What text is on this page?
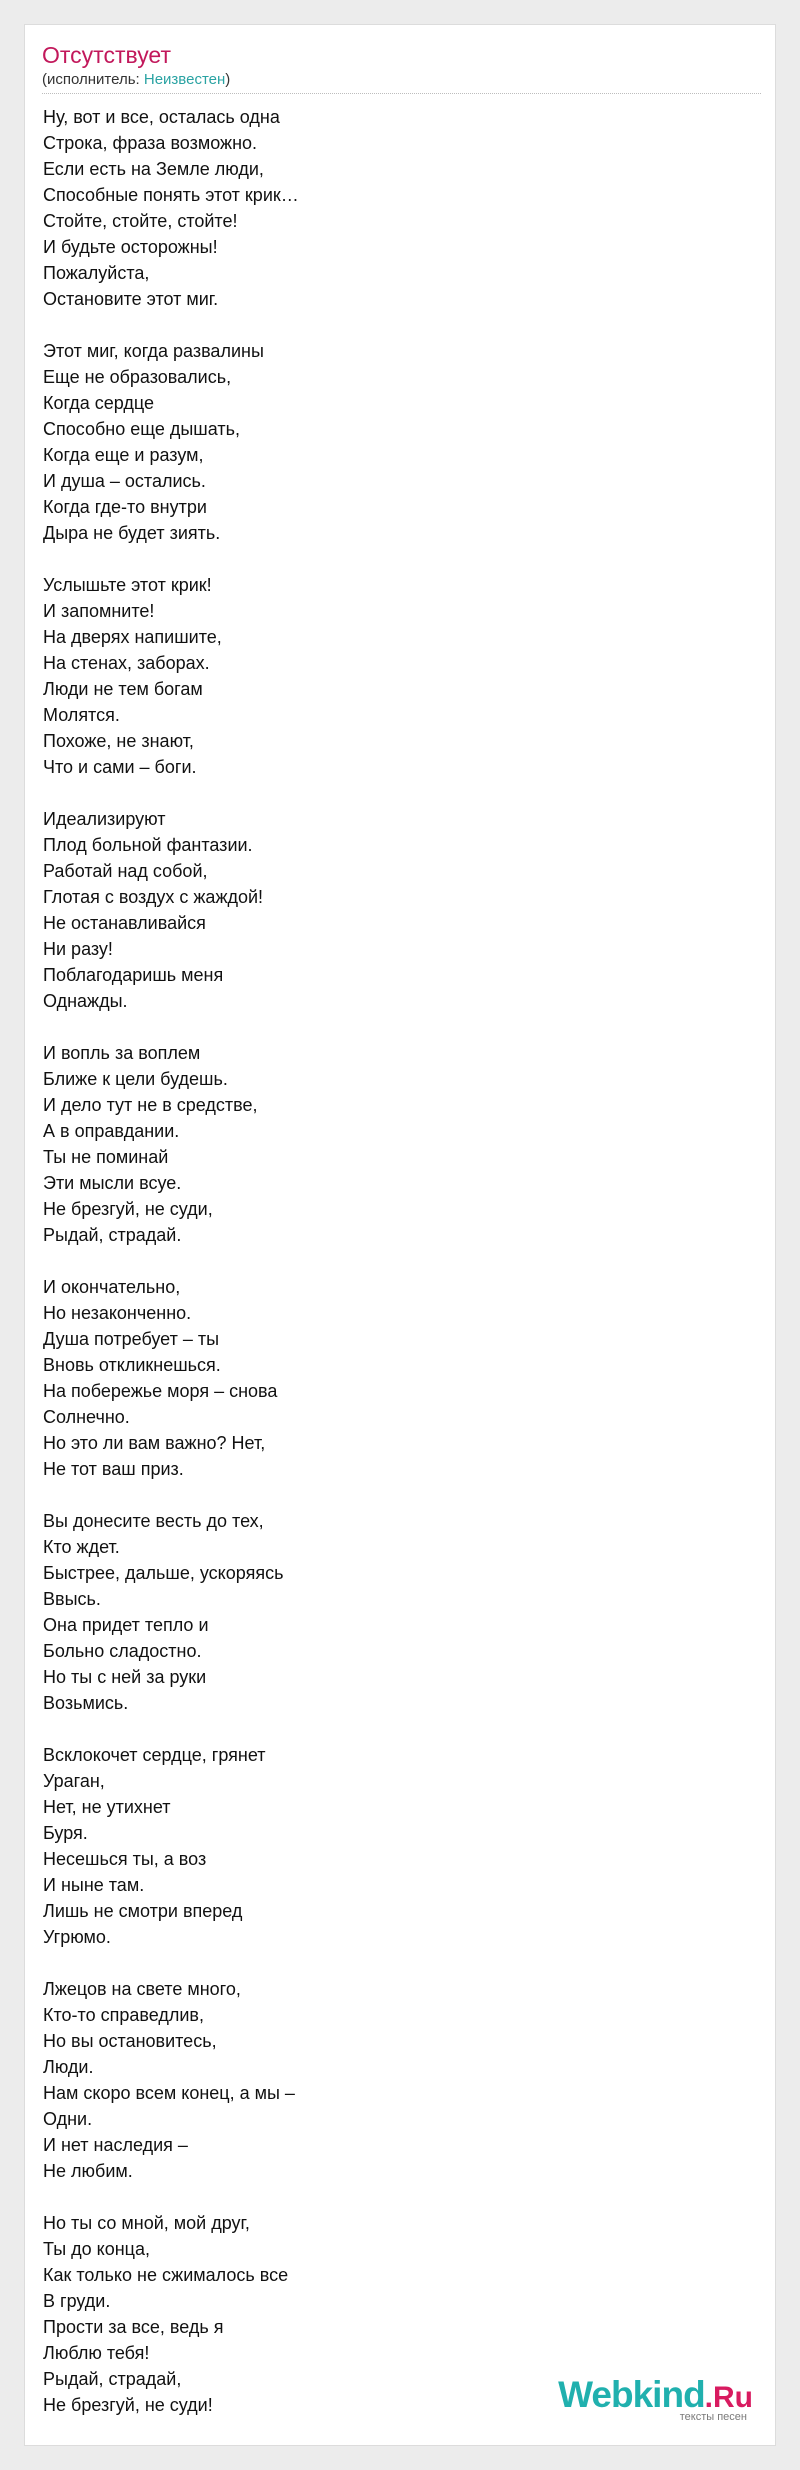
Отсутствует
(исполнитель: Неизвестен)
Ну, вот и все, осталась одна
Строка, фраза возможно.
Если есть на Земле люди,
Способные понять этот крик…
Стойте, стойте, стойте!
И будьте осторожны!
Пожалуйста,
Остановите этот миг.
Этот миг, когда развалины
Еще не образовались,
Когда сердце
Способно еще дышать,
Когда еще и разум,
И душа – остались.
Когда где-то внутри
Дыра не будет зиять.
Услышьте этот крик!
И запомните!
На дверях напишите,
На стенах, заборах.
Люди не тем богам
Молятся.
Похоже, не знают,
Что и сами – боги.
Идеализируют
Плод больной фантазии.
Работай над собой,
Глотая с воздух с жаждой!
Не останавливайся
Ни разу!
Поблагодаришь меня
Однажды.
И вопль за воплем
Ближе к цели будешь.
И дело тут не в средстве,
А в оправдании.
Ты не поминай
Эти мысли всуе.
Не брезгуй, не суди,
Рыдай, страдай.
И окончательно,
Но незаконченно.
Душа потребует – ты
Вновь откликнешься.
На побережье моря – снова
Солнечно.
Но это ли вам важно? Нет,
Не тот ваш приз.
Вы донесите весть до тех,
Кто ждет.
Быстрее, дальше, ускоряясь
Ввысь.
Она придет тепло и
Больно сладостно.
Но ты с ней за руки
Возьмись.
Всклокочет сердце, грянет
Ураган,
Нет, не утихнет
Буря.
Несешься ты, а воз
И ныне там.
Лишь не смотри вперед
Угрюмо.
Лжецов на свете много,
Кто-то справедлив,
Но вы остановитесь,
Люди.
Нам скоро всем конец, а мы –
Одни.
И нет наследия –
Не любим.
Но ты со мной, мой друг,
Ты до конца,
Как только не сжималось все
В груди.
Прости за все, ведь я
Люблю тебя!
Рыдай, страдай,
Не брезгуй, не суди!	Webkind.Ru
тексты песен
